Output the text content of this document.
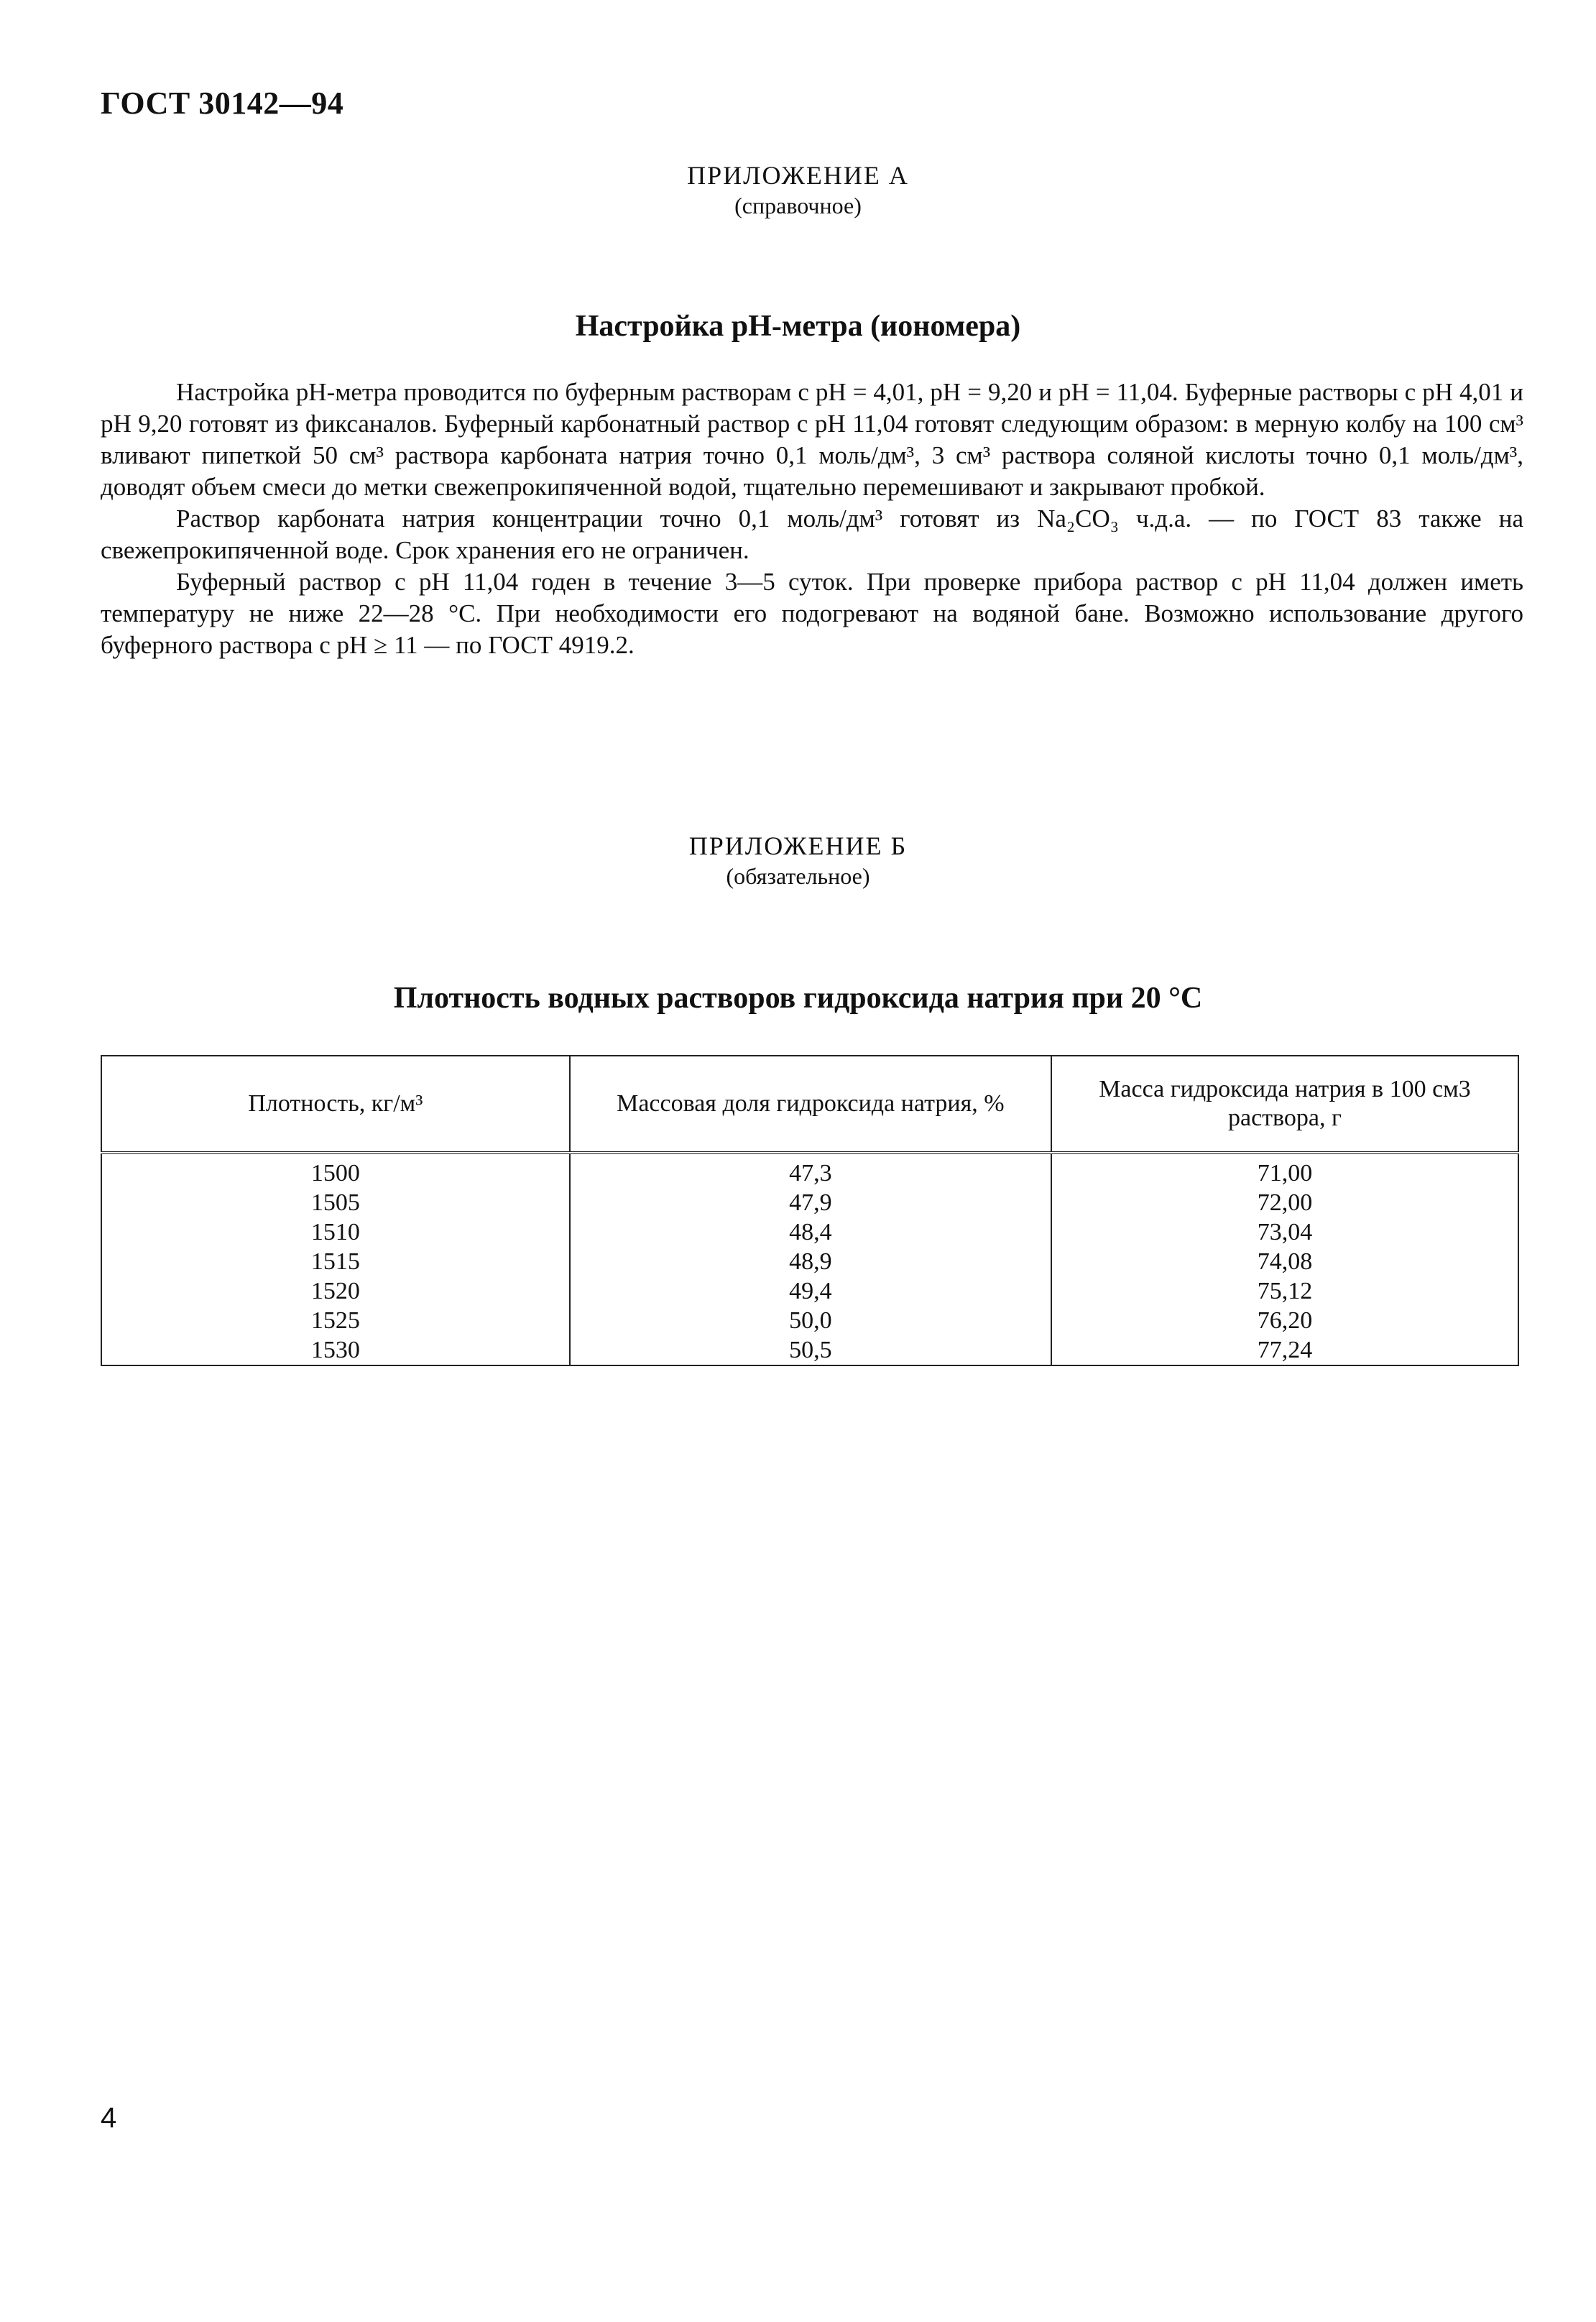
ГОСТ 30142—94
ПРИЛОЖЕНИЕ А
(справочное)
Настройка рН-метра (иономера)

Настройка рН-метра проводится по буферным растворам с рН = 4,01, рН = 9,20 и рН = 11,04. Буферные растворы с рН 4,01 и рН 9,20 готовят из фиксаналов. Буферный карбонатный раствор с рН 11,04 готовят следующим образом: в мерную колбу на 100 см³ вливают пипеткой 50 см³ раствора карбоната натрия точно 0,1 моль/дм³, 3 см³ раствора соляной кислоты точно 0,1 моль/дм³, доводят объем смеси до метки свежепрокипяченной водой, тщательно перемешивают и закрывают пробкой.

Раствор карбоната натрия концентрации точно 0,1 моль/дм³ готовят из Na₂CO₃ ч.д.а. — по ГОСТ 83 также на свежепрокипяченной воде. Срок хранения его не ограничен.

Буферный раствор с рН 11,04 годен в течение 3—5 суток. При проверке прибора раствор с рН 11,04 должен иметь температуру не ниже 22—28 °С. При необходимости его подогревают на водяной бане. Возможно использование другого буферного раствора с рН ≥ 11 — по ГОСТ 4919.2.

ПРИЛОЖЕНИЕ Б
(обязательное)
Плотность водных растворов гидроксида натрия при 20 °С
Плотность, кг/м³	Массовая доля гидроксида натрия, %	Масса гидроксида натрия в 100 см3 раствора, г
1500	47,3	71,00
1505	47,9	72,00
1510	48,4	73,04
1515	48,9	74,08
1520	49,4	75,12
1525	50,0	76,20
1530	50,5	77,24
4
